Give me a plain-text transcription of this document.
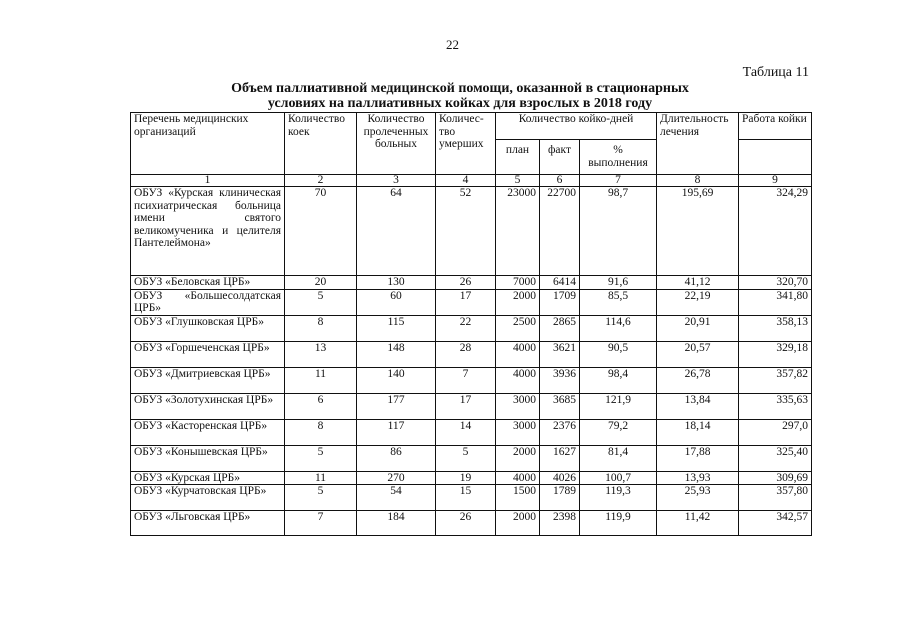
22
Таблица 11
Объем паллиативной медицинской помощи, оказанной в стационарных
условиях на паллиативных койках для взрослых в 2018 году
Перечень медицинских организаций	Количество коек	Количество пролеченных больных	Количес-тво умерших	Количество койко-дней			Длительность лечения	Работа койки
				план	факт	% выполнения		
1	2	3	4	5	6	7	8	9
ОБУЗ «Курская клиническая психиатрическая больница имени святого великомученика и целителя Пантелеймона»	70	64	52	23000	22700	98,7	195,69	324,29
ОБУЗ «Беловская ЦРБ»	20	130	26	7000	6414	91,6	41,12	320,70
ОБУЗ «Большесолдатская ЦРБ»	5	60	17	2000	1709	85,5	22,19	341,80
ОБУЗ «Глушковская ЦРБ»	8	115	22	2500	2865	114,6	20,91	358,13
ОБУЗ «Горшеченская ЦРБ»	13	148	28	4000	3621	90,5	20,57	329,18
ОБУЗ «Дмитриевская ЦРБ»	11	140	7	4000	3936	98,4	26,78	357,82
ОБУЗ «Золотухинская ЦРБ»	6	177	17	3000	3685	121,9	13,84	335,63
ОБУЗ «Касторенская ЦРБ»	8	117	14	3000	2376	79,2	18,14	297,0
ОБУЗ «Конышевская ЦРБ»	5	86	5	2000	1627	81,4	17,88	325,40
ОБУЗ «Курская ЦРБ»	11	270	19	4000	4026	100,7	13,93	309,69
ОБУЗ «Курчатовская ЦРБ»	5	54	15	1500	1789	119,3	25,93	357,80
ОБУЗ «Льговская ЦРБ»	7	184	26	2000	2398	119,9	11,42	342,57
